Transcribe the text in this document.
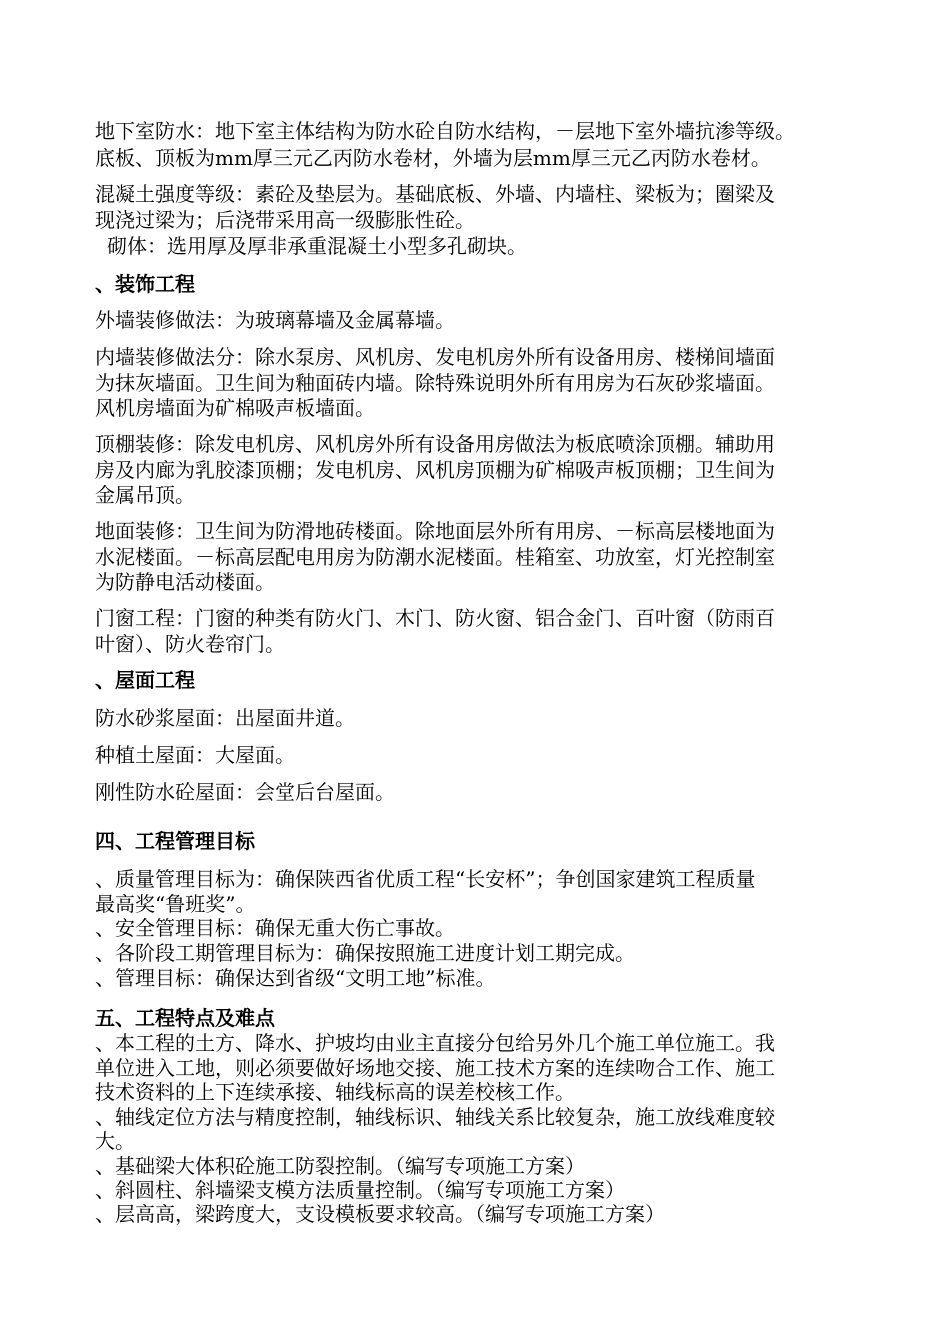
地下室防水：地下室主体结构为防水砼自防水结构，－层地下室外墙抗渗等级。
底板、顶板为mm厚三元乙丙防水卷材，外墙为层mm厚三元乙丙防水卷材。
混凝土强度等级：素砼及垫层为。基础底板、外墙、内墙柱、梁板为；圈梁及
现浇过梁为；后浇带采用高一级膨胀性砼。
砌体：选用厚及厚非承重混凝土小型多孔砌块。
、装饰工程
外墙装修做法：为玻璃幕墙及金属幕墙。
内墙装修做法分：除水泵房、风机房、发电机房外所有设备用房、楼梯间墙面
为抹灰墙面。卫生间为釉面砖内墙。除特殊说明外所有用房为石灰砂浆墙面。
风机房墙面为矿棉吸声板墙面。
顶棚装修：除发电机房、风机房外所有设备用房做法为板底喷涂顶棚。辅助用
房及内廊为乳胶漆顶棚；发电机房、风机房顶棚为矿棉吸声板顶棚；卫生间为
金属吊顶。
地面装修：卫生间为防滑地砖楼面。除地面层外所有用房、－标高层楼地面为
水泥楼面。－标高层配电用房为防潮水泥楼面。桂箱室、功放室，灯光控制室
为防静电活动楼面。
门窗工程：门窗的种类有防火门、木门、防火窗、铝合金门、百叶窗（防雨百
叶窗）、防火卷帘门。
、屋面工程
防水砂浆屋面：出屋面井道。
种植土屋面：大屋面。
刚性防水砼屋面：会堂后台屋面。
四、工程管理目标
、质量管理目标为：确保陕西省优质工程“长安杯”；争创国家建筑工程质量
最高奖“鲁班奖”。
、安全管理目标：确保无重大伤亡事故。
、各阶段工期管理目标为：确保按照施工进度计划工期完成。
、管理目标：确保达到省级“文明工地”标准。
五、工程特点及难点
、本工程的土方、降水、护坡均由业主直接分包给另外几个施工单位施工。我
单位进入工地，则必须要做好场地交接、施工技术方案的连续吻合工作、施工
技术资料的上下连续承接、轴线标高的误差校核工作。
、轴线定位方法与精度控制，轴线标识、轴线关系比较复杂，施工放线难度较
大。
、基础梁大体积砼施工防裂控制。（编写专项施工方案）
、斜圆柱、斜墙梁支模方法质量控制。（编写专项施工方案）
、层高高，梁跨度大，支设模板要求较高。（编写专项施工方案）
